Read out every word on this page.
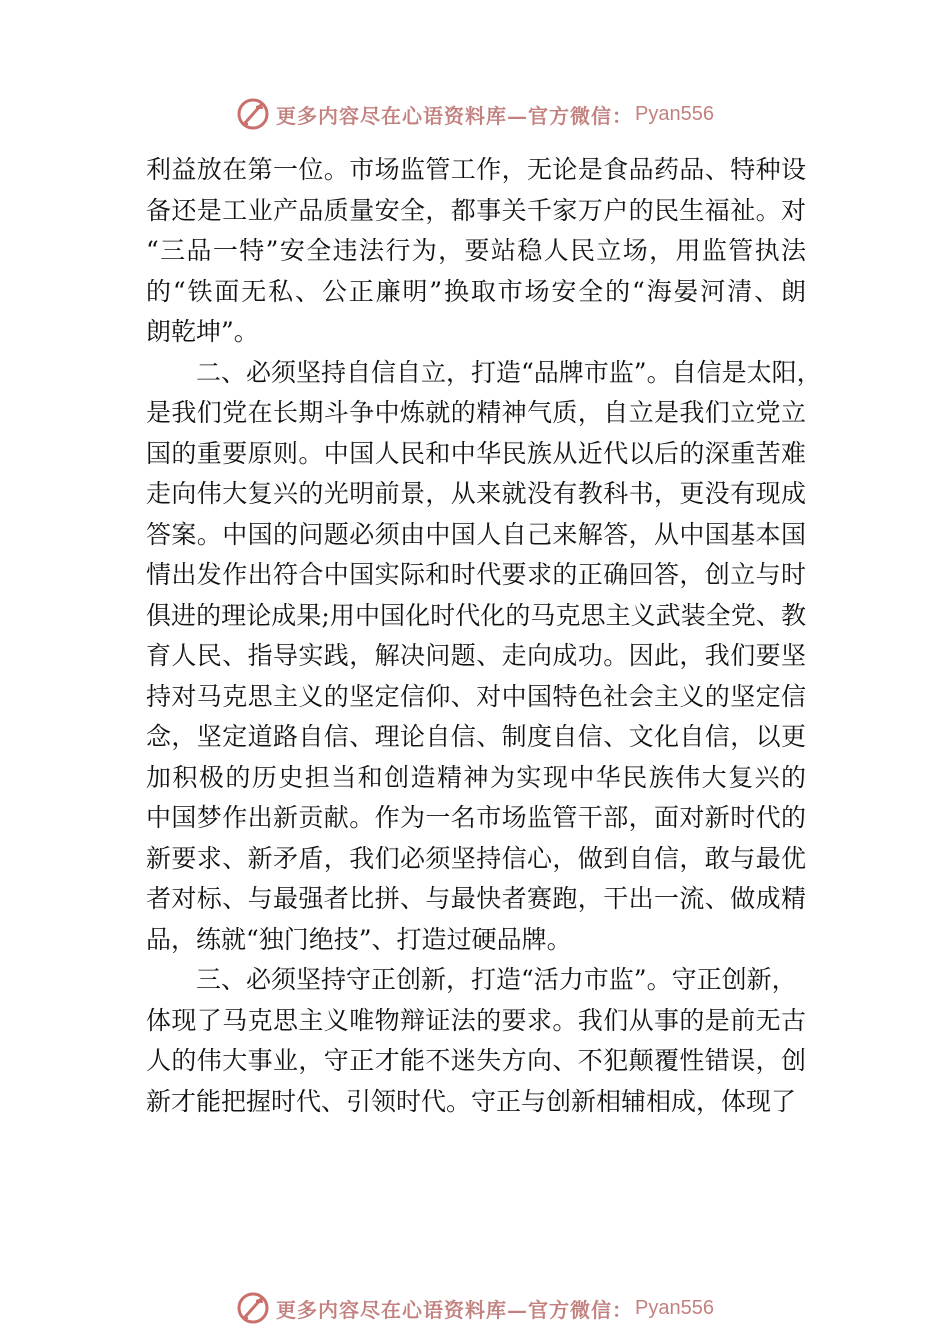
更多内容尽在心语资料库—官方微信： Pyan556
利益放在第一位。市场监管工作，无论是食品药品、特种设
备还是工业产品质量安全，都事关千家万户的民生福祉。对
“三品一特”安全违法行为，要站稳人民立场，用监管执法
的“铁面无私、公正廉明”换取市场安全的“海晏河清、朗
朗乾坤”。
二、必须坚持自信自立，打造“品牌市监”。自信是太阳，
是我们党在长期斗争中炼就的精神气质，自立是我们立党立
国的重要原则。中国人民和中华民族从近代以后的深重苦难
走向伟大复兴的光明前景，从来就没有教科书，更没有现成
答案。中国的问题必须由中国人自己来解答，从中国基本国
情出发作出符合中国实际和时代要求的正确回答，创立与时
俱进的理论成果;用中国化时代化的马克思主义武装全党、教
育人民、指导实践，解决问题、走向成功。因此，我们要坚
持对马克思主义的坚定信仰、对中国特色社会主义的坚定信
念，坚定道路自信、理论自信、制度自信、文化自信，以更
加积极的历史担当和创造精神为实现中华民族伟大复兴的
中国梦作出新贡献。作为一名市场监管干部，面对新时代的
新要求、新矛盾，我们必须坚持信心，做到自信，敢与最优
者对标、与最强者比拼、与最快者赛跑，干出一流、做成精
品，练就“独门绝技”、打造过硬品牌。
三、必须坚持守正创新，打造“活力市监”。守正创新，
体现了马克思主义唯物辩证法的要求。我们从事的是前无古
人的伟大事业，守正才能不迷失方向、不犯颠覆性错误，创
新才能把握时代、引领时代。守正与创新相辅相成，体现了
更多内容尽在心语资料库—官方微信： Pyan556
